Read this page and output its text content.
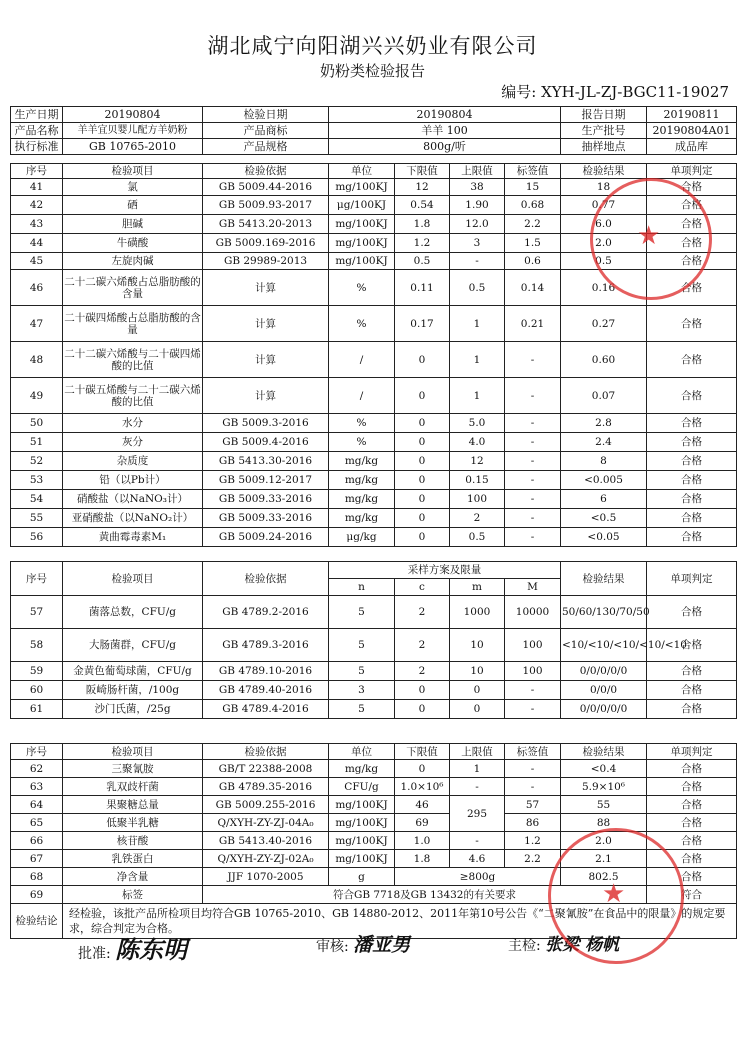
湖北咸宁向阳湖兴兴奶业有限公司
奶粉类检验报告
编号: XYH-JL-ZJ-BGC11-19027
生产日期	20190804	检验日期	20190804	报告日期	20190811
产品名称	羊羊宜贝婴儿配方羊奶粉	产品商标	羊羊 100	生产批号	20190804A01
执行标准	GB 10765-2010	产品规格	800g/听	抽样地点	成品库
序号	检验项目	检验依据	单位	下限值	上限值	标签值	检验结果	单项判定
41	氯	GB 5009.44-2016	mg/100KJ	12	38	15	18	合格
42	硒	GB 5009.93-2017	μg/100KJ	0.54	1.90	0.68	0.77	合格
43	胆碱	GB 5413.20-2013	mg/100KJ	1.8	12.0	2.2	6.0	合格
44	牛磺酸	GB 5009.169-2016	mg/100KJ	1.2	3	1.5	2.0	合格
45	左旋肉碱	GB 29989-2013	mg/100KJ	0.5	-	0.6	0.5	合格
46	二十二碳六烯酸占总脂肪酸的含量	计算	%	0.11	0.5	0.14	0.16	合格
47	二十碳四烯酸占总脂肪酸的含量	计算	%	0.17	1	0.21	0.27	合格
48	二十二碳六烯酸与二十碳四烯酸的比值	计算	/	0	1	-	0.60	合格
49	二十碳五烯酸与二十二碳六烯酸的比值	计算	/	0	1	-	0.07	合格
50	水分	GB 5009.3-2016	%	0	5.0	-	2.8	合格
51	灰分	GB 5009.4-2016	%	0	4.0	-	2.4	合格
52	杂质度	GB 5413.30-2016	mg/kg	0	12	-	8	合格
53	铅（以Pb计）	GB 5009.12-2017	mg/kg	0	0.15	-	<0.005	合格
54	硝酸盐（以NaNO₃计）	GB 5009.33-2016	mg/kg	0	100	-	6	合格
55	亚硝酸盐（以NaNO₂计）	GB 5009.33-2016	mg/kg	0	2	-	<0.5	合格
56	黄曲霉毒素M₁	GB 5009.24-2016	μg/kg	0	0.5	-	<0.05	合格
序号	检验项目	检验依据	采样方案及限量				检验结果	单项判定
			n	c	m	M		
57	菌落总数，CFU/g	GB 4789.2-2016	5	2	1000	10000	50/60/130/70/50	合格
58	大肠菌群，CFU/g	GB 4789.3-2016	5	2	10	100	<10/<10/<10/<10/<10	合格
59	金黄色葡萄球菌，CFU/g	GB 4789.10-2016	5	2	10	100	0/0/0/0/0	合格
60	阪崎肠杆菌，/100g	GB 4789.40-2016	3	0	0	-	0/0/0	合格
61	沙门氏菌，/25g	GB 4789.4-2016	5	0	0	-	0/0/0/0/0	合格
序号	检验项目	检验依据	单位	下限值	上限值	标签值	检验结果	单项判定
62	三聚氰胺	GB/T 22388-2008	mg/kg	0	1	-	<0.4	合格
63	乳双歧杆菌	GB 4789.35-2016	CFU/g	1.0×10⁶	-	-	5.9×10⁶	合格
64	果聚糖总量	GB 5009.255-2016	mg/100KJ	46	295	57	55	合格
65	低聚半乳糖	Q/XYH-ZY-ZJ-04A₀	mg/100KJ	69		86	88	合格
66	核苷酸	GB 5413.40-2016	mg/100KJ	1.0	-	1.2	2.0	合格
67	乳铁蛋白	Q/XYH-ZY-ZJ-02A₀	mg/100KJ	1.8	4.6	2.2	2.1	合格
68	净含量	JJF 1070-2005	g	≥800g			802.5	合格
69	标签	符合GB 7718及GB 13432的有关要求						符合
检验结论	经检验，该批产品所检项目均符合GB 10765-2010、GB 14880-2012、2011年第10号公告《“二聚氰胺”在食品中的限量》的规定要求，综合判定为合格。							
批准: 陈东明	审核: 潘亚男	主检: 张梁 杨帆
★
★
